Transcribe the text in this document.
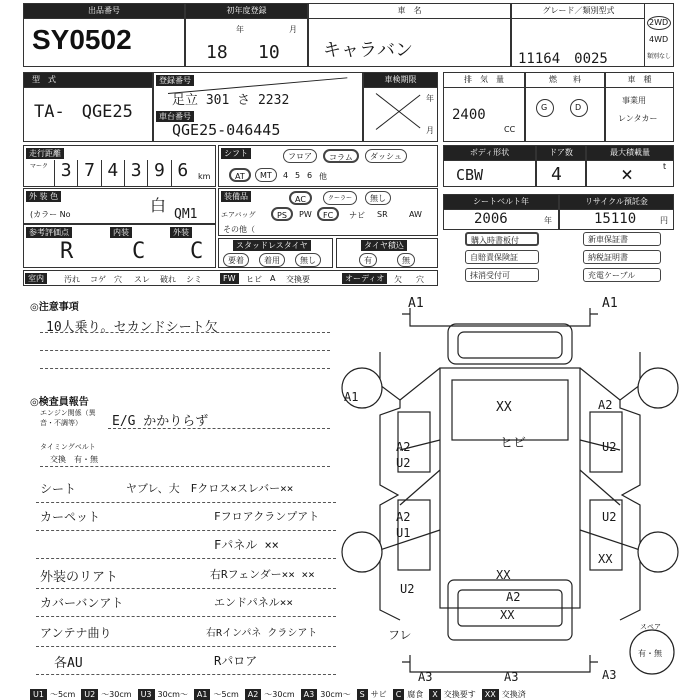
出品番号
SY0502
初年度登録
年	月
18 10
車　名
キャラバン
グレード／類別型式
11164　0025
2WD
4WD
類別なし
型　式
TA-　QGE25
登録番号
足立 301 さ 2232
車台番号
QGE25-046445
車検期限
年
月
排　気　量
2400
CC
燃　　料
G	D
車　種
事業用
レンタカー
走行距離
マーク 3 7 4 3 9 6	km
シフト	フロア	コラム	ダッシュ
AT	MT	4 5 6 他
ボディ形状
CBW
ドア数
4
最大積載量
×	t
外 装 色
(カラー No	白 QM1
装備品	AC	クーラー	無し
エアバッグ	PS	PW	FC	ナビ SR	AW
その他（
シートベルト年
2006	年
リサイクル預託金
15110	円
参考評価点	内装	外装
R	C C	スタッドレスタイヤ
要着	着用	無し
タイヤ積込
有	無
購入時書板付
自賠責保険証
抹消受付可
新車保証書
納税証明書
充電ケーブル
室内	汚れ コゲ 穴 スレ 破れ シミ	FW	ヒビ A 交換要	オーディオ	欠 穴
◎注意事項
10人乗り。セカンドシート欠
◎検査員報告
エンジン関係（異音・不調等）	E/G かかりらず
タイミングベルト
交換　有・無
シート	ヤブレ、大　Fクロス×スレバー××
カーペット	Fフロアクランプアト
Fパネル ××
外装のリアト	右Rフェンダー×× ××
カバーバンアト	エンドパネル××
アンテナ曲り	右Rインパネ クラシアト
各AU	Rパロア
A1	A1
A1
A2
A2
U2
U2
A2
U1
U2
U2
XX
ヒビ
XX
XX
A2
XX
A3	A3	A3
フレ
スペア
有・無
U1 ～5cm	U2 ～30cm	U3 30cm～	A1 ～5cm	A2 ～30cm	A3 30cm～	S サビ	C 腐食	X 交換要す	XX 交換済
